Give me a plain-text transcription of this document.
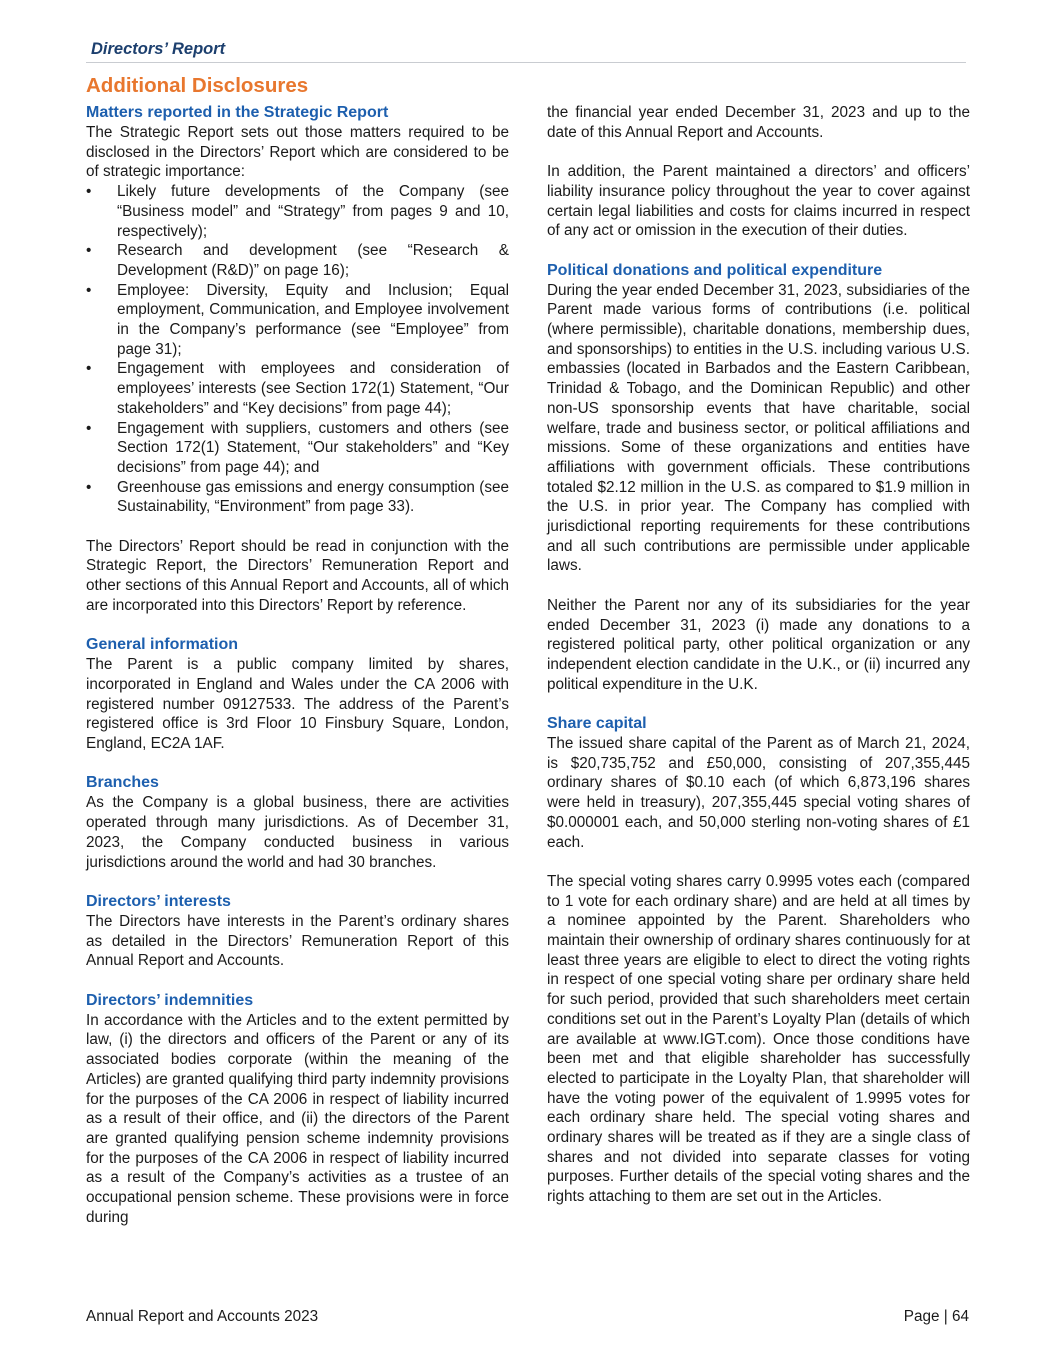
Directors’ Report
Additional Disclosures
Matters reported in the Strategic Report

The Strategic Report sets out those matters required to be disclosed in the Directors’ Report which are considered to be of strategic importance:

• Likely future developments of the Company (see “Business model” and “Strategy” from pages 9 and 10, respectively);
• Research and development (see “Research & Development (R&D)” on page 16);
• Employee: Diversity, Equity and Inclusion; Equal employment, Communication, and Employee involvement in the Company’s performance (see “Employee” from page 31);
• Engagement with employees and consideration of employees’ interests (see Section 172(1) Statement, “Our stakeholders” and “Key decisions” from page 44);
• Engagement with suppliers, customers and others (see Section 172(1) Statement, “Our stakeholders” and “Key decisions” from page 44); and
• Greenhouse gas emissions and energy consumption (see Sustainability, “Environment” from page 33).

The Directors’ Report should be read in conjunction with the Strategic Report, the Directors’ Remuneration Report and other sections of this Annual Report and Accounts, all of which are incorporated into this Directors’ Report by reference.

General information

The Parent is a public company limited by shares, incorporated in England and Wales under the CA 2006 with registered number 09127533. The address of the Parent’s registered office is 3rd Floor 10 Finsbury Square, London, England, EC2A 1AF.

Branches

As the Company is a global business, there are activities operated through many jurisdictions. As of December 31, 2023, the Company conducted business in various jurisdictions around the world and had 30 branches.

Directors’ interests

The Directors have interests in the Parent’s ordinary shares as detailed in the Directors’ Remuneration Report of this Annual Report and Accounts.

Directors’ indemnities

In accordance with the Articles and to the extent permitted by law, (i) the directors and officers of the Parent or any of its associated bodies corporate (within the meaning of the Articles) are granted qualifying third party indemnity provisions for the purposes of the CA 2006 in respect of liability incurred as a result of their office, and (ii) the directors of the Parent are granted qualifying pension scheme indemnity provisions for the purposes of the CA 2006 in respect of liability incurred as a result of the Company’s activities as a trustee of an occupational pension scheme. These provisions were in force during

the financial year ended December 31, 2023 and up to the date of this Annual Report and Accounts.

In addition, the Parent maintained a directors’ and officers’ liability insurance policy throughout the year to cover against certain legal liabilities and costs for claims incurred in respect of any act or omission in the execution of their duties.

Political donations and political expenditure

During the year ended December 31, 2023, subsidiaries of the Parent made various forms of contributions (i.e. political (where permissible), charitable donations, membership dues, and sponsorships) to entities in the U.S. including various U.S. embassies (located in Barbados and the Eastern Caribbean, Trinidad & Tobago, and the Dominican Republic) and other non-US sponsorship events that have charitable, social welfare, trade and business sector, or political affiliations and missions. Some of these organizations and entities have affiliations with government officials. These contributions totaled $2.12 million in the U.S. as compared to $1.9 million in the U.S. in prior year. The Company has complied with jurisdictional reporting requirements for these contributions and all such contributions are permissible under applicable laws.

Neither the Parent nor any of its subsidiaries for the year ended December 31, 2023 (i) made any donations to a registered political party, other political organization or any independent election candidate in the U.K., or (ii) incurred any political expenditure in the U.K.

Share capital

The issued share capital of the Parent as of March 21, 2024, is $20,735,752 and £50,000, consisting of 207,355,445 ordinary shares of $0.10 each (of which 6,873,196 shares were held in treasury), 207,355,445 special voting shares of $0.000001 each, and 50,000 sterling non-voting shares of £1 each.

The special voting shares carry 0.9995 votes each (compared to 1 vote for each ordinary share) and are held at all times by a nominee appointed by the Parent. Shareholders who maintain their ownership of ordinary shares continuously for at least three years are eligible to elect to direct the voting rights in respect of one special voting share per ordinary share held for such period, provided that such shareholders meet certain conditions set out in the Parent’s Loyalty Plan (details of which are available at www.IGT.com). Once those conditions have been met and that eligible shareholder has successfully elected to participate in the Loyalty Plan, that shareholder will have the voting power of the equivalent of 1.9995 votes for each ordinary share held. The special voting shares and ordinary shares will be treated as if they are a single class of shares and not divided into separate classes for voting purposes. Further details of the special voting shares and the rights attaching to them are set out in the Articles.

Annual Report and Accounts 2023	Page | 64
